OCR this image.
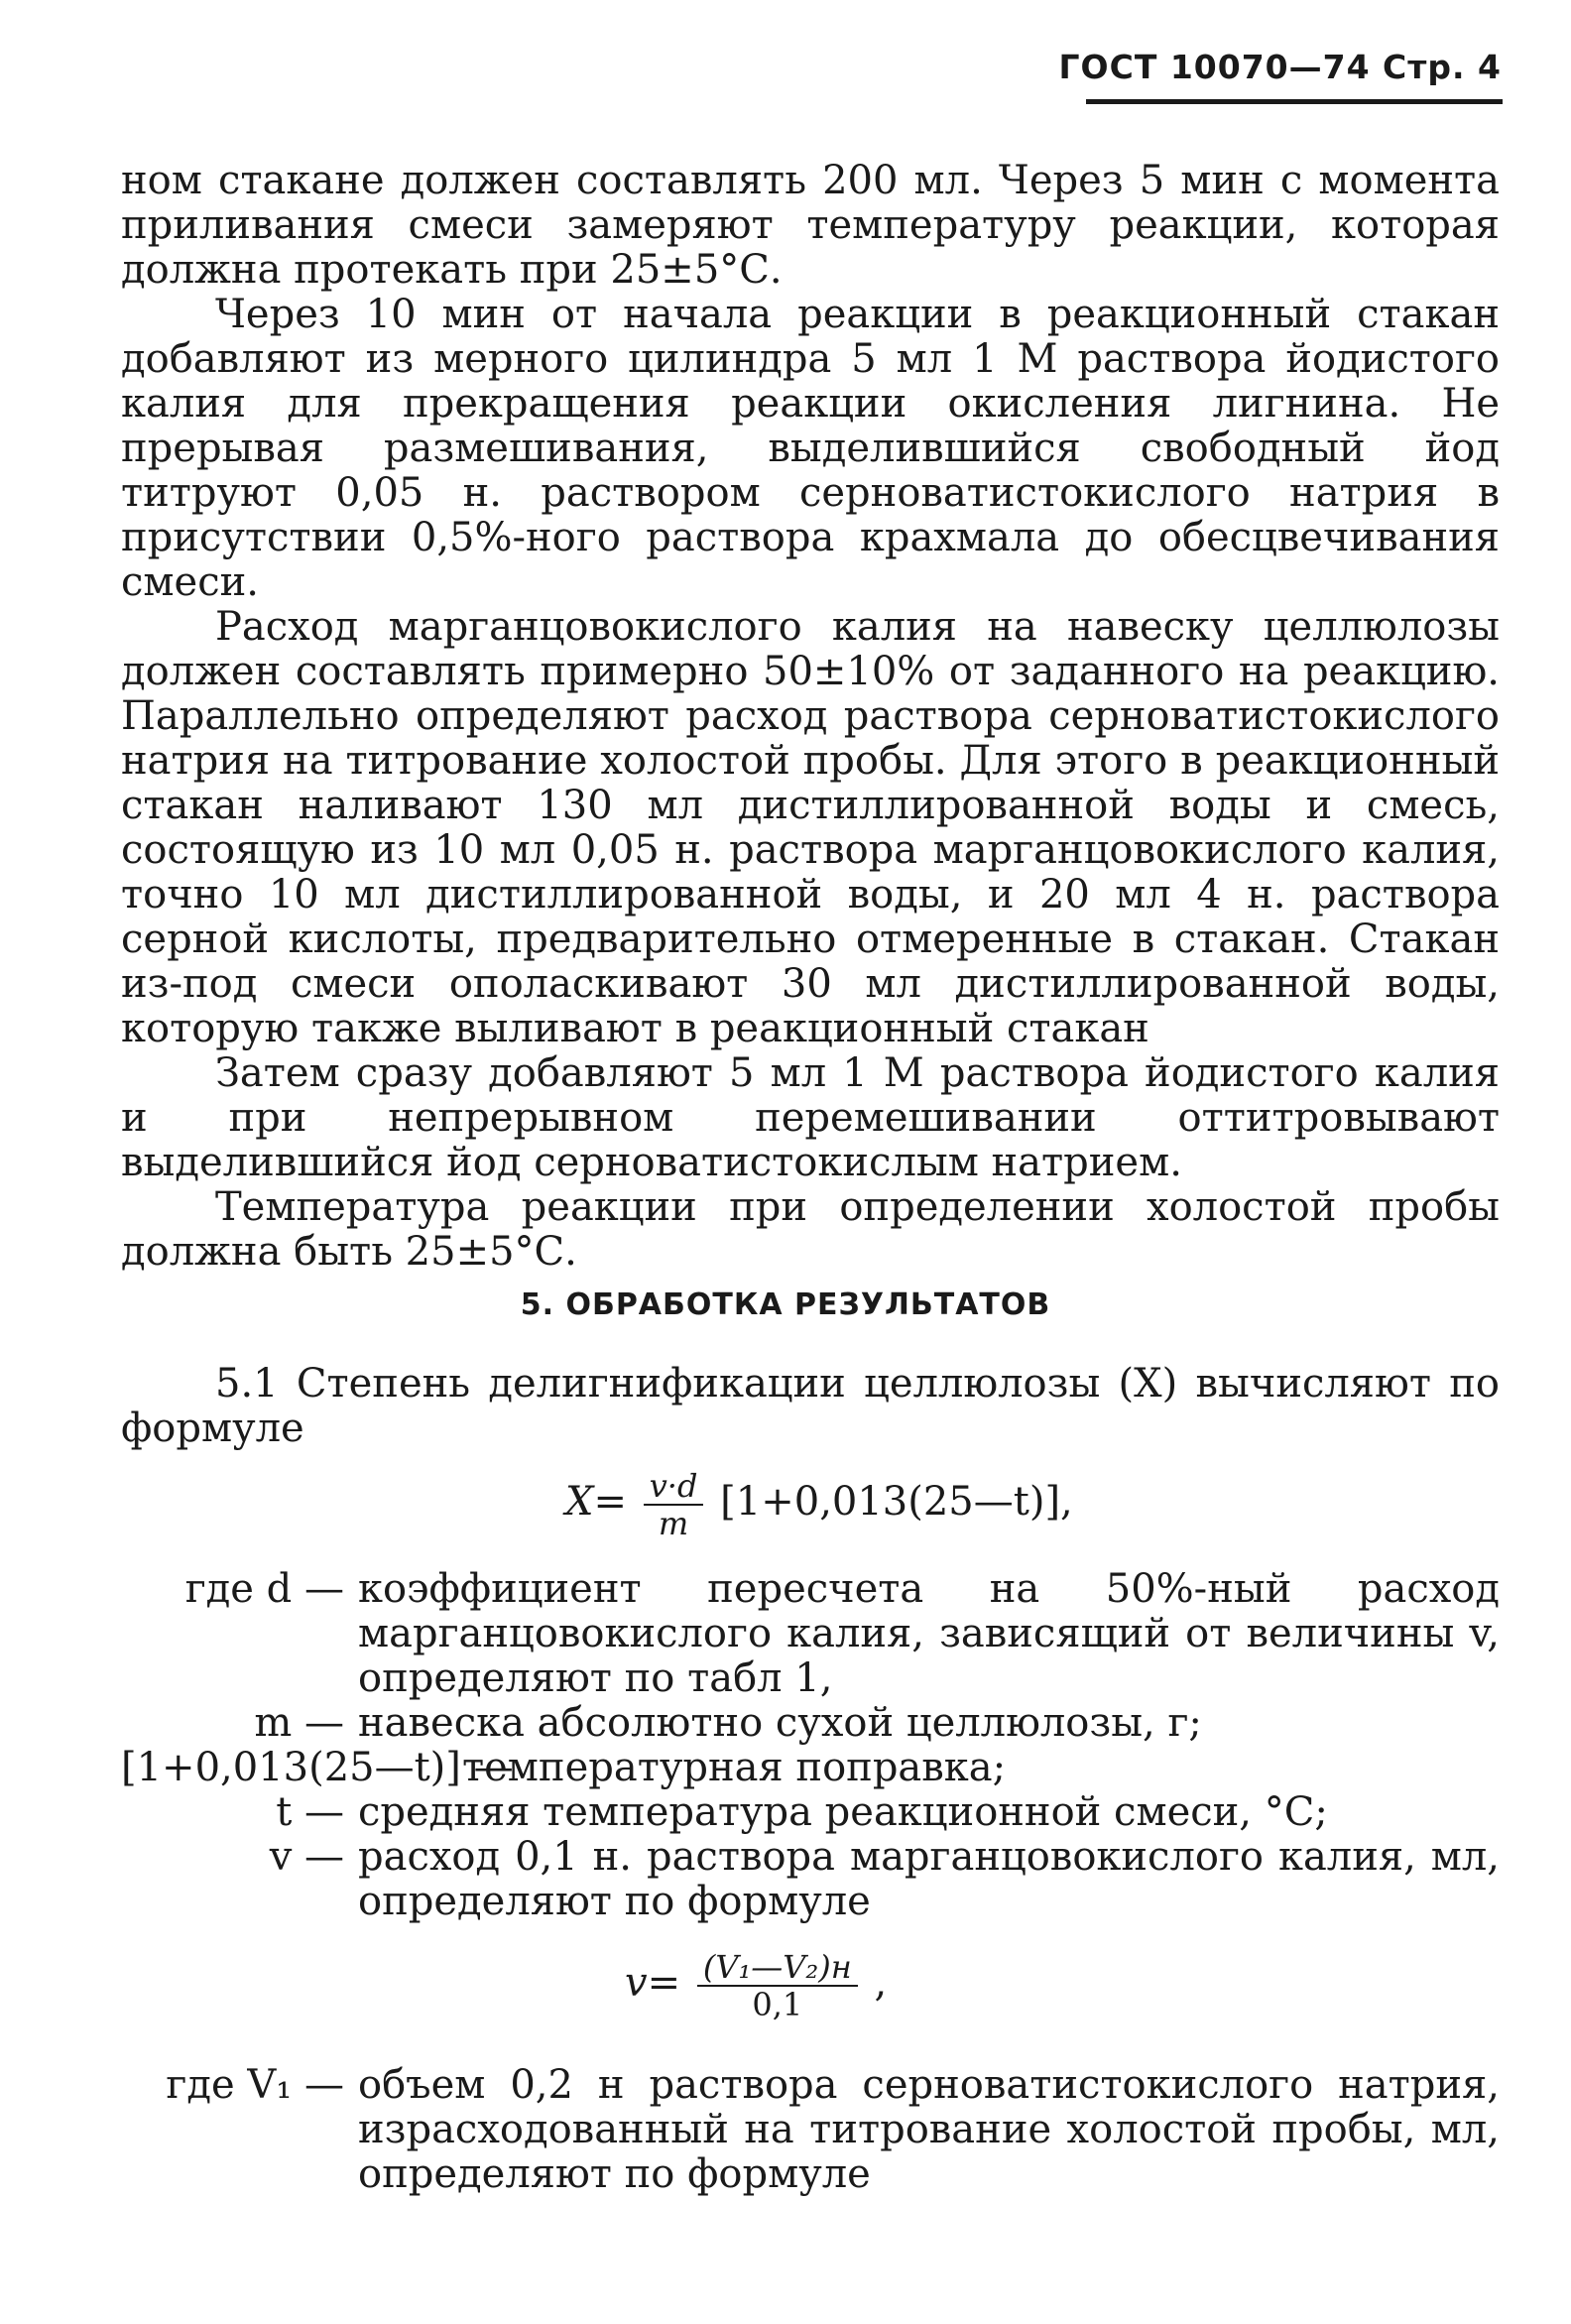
ГОСТ 10070—74 Стр. 4

ном стакане должен составлять 200 мл. Через 5 мин с момента приливания смеси замеряют температуру реакции, которая должна протекать при 25±5°С.

Через 10 мин от начала реакции в реакционный стакан добавляют из мерного цилиндра 5 мл 1 М раствора йодистого калия для прекращения реакции окисления лигнина. Не прерывая размешивания, выделившийся свободный йод титруют 0,05 н. раствором серноватистокислого натрия в присутствии 0,5%-ного раствора крахмала до обесцвечивания смеси.

Расход марганцовокислого калия на навеску целлюлозы должен составлять примерно 50±10% от заданного на реакцию. Параллельно определяют расход раствора серноватистокислого натрия на титрование холостой пробы. Для этого в реакционный стакан наливают 130 мл дистиллированной воды и смесь, состоящую из 10 мл 0,05 н. раствора марганцовокислого калия, точно 10 мл дистиллированной воды, и 20 мл 4 н. раствора серной кислоты, предварительно отмеренные в стакан. Стакан из-под смеси ополаскивают 30 мл дистиллированной воды, которую также выливают в реакционный стакан

Затем сразу добавляют 5 мл 1 М раствора йодистого калия и при непрерывном перемешивании оттитровывают выделившийся йод серноватистокислым натрием.

Температура реакции при определении холостой пробы должна быть 25±5°С.

5. ОБРАБОТКА РЕЗУЛЬТАТОВ

5.1 Степень делигнификации целлюлозы (X) вычисляют по формуле

$X= \frac{v\cdot d}{m}$ [1+0,013(25—t)],
где d — коэффициент пересчета на 50%-ный расход марганцовокислого калия, зависящий от величины v, определяют по табл 1,
m — навеска абсолютно сухой целлюлозы, г;
[1+0,013(25—t)] —
температурная поправка;
t — средняя температура реакционной смеси, °С;
v — расход 0,1 н. раствора марганцовокислого калия, мл, определяют по формуле
$v= \frac{\text{(V₁—V₂)н}}{0,1}$ ,
где V₁ — объем 0,2 н раствора серноватистокислого натрия, израсходованный на титрование холостой пробы, мл, определяют по формуле
